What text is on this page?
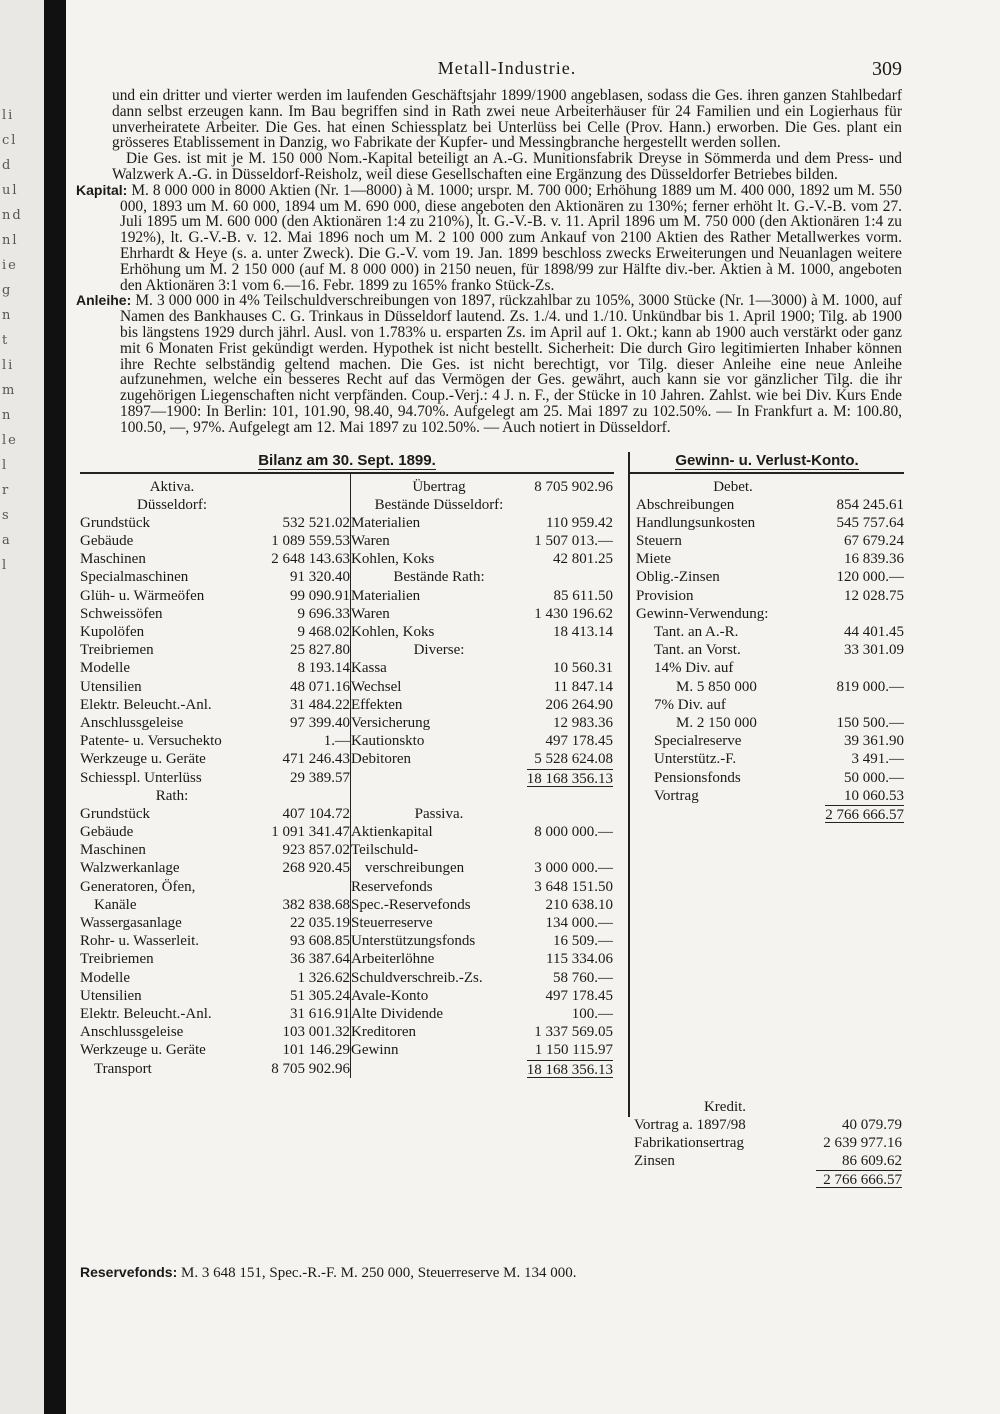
li
cl
d
ul
nd
nl
ie
g
n
t
li
m
n
le
l
r
s
a
l
Metall-Industrie.	309

und ein dritter und vierter werden im laufenden Geschäftsjahr 1899/1900 angeblasen, sodass die Ges. ihren ganzen Stahlbedarf dann selbst erzeugen kann. Im Bau begriffen sind in Rath zwei neue Arbeiterhäuser für 24 Familien und ein Logierhaus für unverheiratete Arbeiter. Die Ges. hat einen Schiessplatz bei Unterlüss bei Celle (Prov. Hann.) erworben. Die Ges. plant ein grösseres Etablissement in Danzig, wo Fabrikate der Kupfer- und Messingbranche hergestellt werden sollen.

Die Ges. ist mit je M. 150 000 Nom.-Kapital beteiligt an A.-G. Munitionsfabrik Dreyse in Sömmerda und dem Press- und Walzwerk A.-G. in Düsseldorf-Reisholz, weil diese Gesellschaften eine Ergänzung des Düsseldorfer Betriebes bilden.

Kapital: M. 8 000 000 in 8000 Aktien (Nr. 1—8000) à M. 1000; urspr. M. 700 000; Erhöhung 1889 um M. 400 000, 1892 um M. 550 000, 1893 um M. 60 000, 1894 um M. 690 000, diese angeboten den Aktionären zu 130%; ferner erhöht lt. G.-V.-B. vom 27. Juli 1895 um M. 600 000 (den Aktionären 1:4 zu 210%), lt. G.-V.-B. v. 11. April 1896 um M. 750 000 (den Aktionären 1:4 zu 192%), lt. G.-V.-B. v. 12. Mai 1896 noch um M. 2 100 000 zum Ankauf von 2100 Aktien des Rather Metallwerkes vorm. Ehrhardt & Heye (s. a. unter Zweck). Die G.-V. vom 19. Jan. 1899 beschloss zwecks Erweiterungen und Neuanlagen weitere Erhöhung um M. 2 150 000 (auf M. 8 000 000) in 2150 neuen, für 1898/99 zur Hälfte div.-ber. Aktien à M. 1000, angeboten den Aktionären 3:1 vom 6.—16. Febr. 1899 zu 165% franko Stück-Zs.

Anleihe: M. 3 000 000 in 4% Teilschuldverschreibungen von 1897, rückzahlbar zu 105%, 3000 Stücke (Nr. 1—3000) à M. 1000, auf Namen des Bankhauses C. G. Trinkaus in Düsseldorf lautend. Zs. 1./4. und 1./10. Unkündbar bis 1. April 1900; Tilg. ab 1900 bis längstens 1929 durch jährl. Ausl. von 1.783% u. ersparten Zs. im April auf 1. Okt.; kann ab 1900 auch verstärkt oder ganz mit 6 Monaten Frist gekündigt werden. Hypothek ist nicht bestellt. Sicherheit: Die durch Giro legitimierten Inhaber können ihre Rechte selbständig geltend machen. Die Ges. ist nicht berechtigt, vor Tilg. dieser Anleihe eine neue Anleihe aufzunehmen, welche ein besseres Recht auf das Vermögen der Ges. gewährt, auch kann sie vor gänzlicher Tilg. die ihr zugehörigen Liegenschaften nicht verpfänden. Coup.-Verj.: 4 J. n. F., der Stücke in 10 Jahren. Zahlst. wie bei Div. Kurs Ende 1897—1900: In Berlin: 101, 101.90, 98.40, 94.70%. Aufgelegt am 25. Mai 1897 zu 102.50%. — In Frankfurt a. M: 100.80, 100.50, —, 97%. Aufgelegt am 12. Mai 1897 zu 102.50%. — Auch notiert in Düsseldorf.

Bilanz am 30. Sept. 1899.
Aktiva.
Düsseldorf:
Grundstück	532 521.02
Gebäude	1 089 559.53
Maschinen	2 648 143.63
Specialmaschinen	91 320.40
Glüh- u. Wärmeöfen	99 090.91
Schweissöfen	9 696.33
Kupolöfen	9 468.02
Treibriemen	25 827.80
Modelle	8 193.14
Utensilien	48 071.16
Elektr. Beleucht.-Anl.	31 484.22
Anschlussgeleise	97 399.40
Patente- u. Versuchekto	1.—
Werkzeuge u. Geräte	471 246.43
Schiesspl. Unterlüss	29 389.57
Rath:
Grundstück	407 104.72
Gebäude	1 091 341.47
Maschinen	923 857.02
Walzwerkanlage	268 920.45
Generatoren, Öfen,
Kanäle	382 838.68
Wassergasanlage	22 035.19
Rohr- u. Wasserleit.	93 608.85
Treibriemen	36 387.64
Modelle	1 326.62
Utensilien	51 305.24
Elektr. Beleucht.-Anl.	31 616.91
Anschlussgeleise	103 001.32
Werkzeuge u. Geräte	101 146.29
Transport	8 705 902.96
Übertrag	8 705 902.96
Bestände Düsseldorf:
Materialien	110 959.42
Waren	1 507 013.—
Kohlen, Koks	42 801.25
Bestände Rath:
Materialien	85 611.50
Waren	1 430 196.62
Kohlen, Koks	18 413.14
Diverse:
Kassa	10 560.31
Wechsel	11 847.14
Effekten	206 264.90
Versicherung	12 983.36
Kautionskto	497 178.45
Debitoren	5 528 624.08
18 168 356.13
Passiva.
Aktienkapital	8 000 000.—
Teilschuld-
verschreibungen	3 000 000.—
Reservefonds	3 648 151.50
Spec.-Reservefonds	210 638.10
Steuerreserve	134 000.—
Unterstützungsfonds	16 509.—
Arbeiterlöhne	115 334.06
Schuldverschreib.-Zs.	58 760.—
Avale-Konto	497 178.45
Alte Dividende	100.—
Kreditoren	1 337 569.05
Gewinn	1 150 115.97
18 168 356.13
Gewinn- u. Verlust-Konto.
Debet.
Abschreibungen	854 245.61
Handlungsunkosten	545 757.64
Steuern	67 679.24
Miete	16 839.36
Oblig.-Zinsen	120 000.—
Provision	12 028.75
Gewinn-Verwendung:
Tant. an A.-R.	44 401.45
Tant. an Vorst.	33 301.09
14% Div. auf
M. 5 850 000	819 000.—
7% Div. auf
M. 2 150 000	150 500.—
Specialreserve	39 361.90
Unterstütz.-F.	3 491.—
Pensionsfonds	50 000.—
Vortrag	10 060.53
2 766 666.57
Kredit.
Vortrag a. 1897/98	40 079.79
Fabrikationsertrag	2 639 977.16
Zinsen	86 609.62
2 766 666.57
Reservefonds: M. 3 648 151, Spec.-R.-F. M. 250 000, Steuerreserve M. 134 000.
